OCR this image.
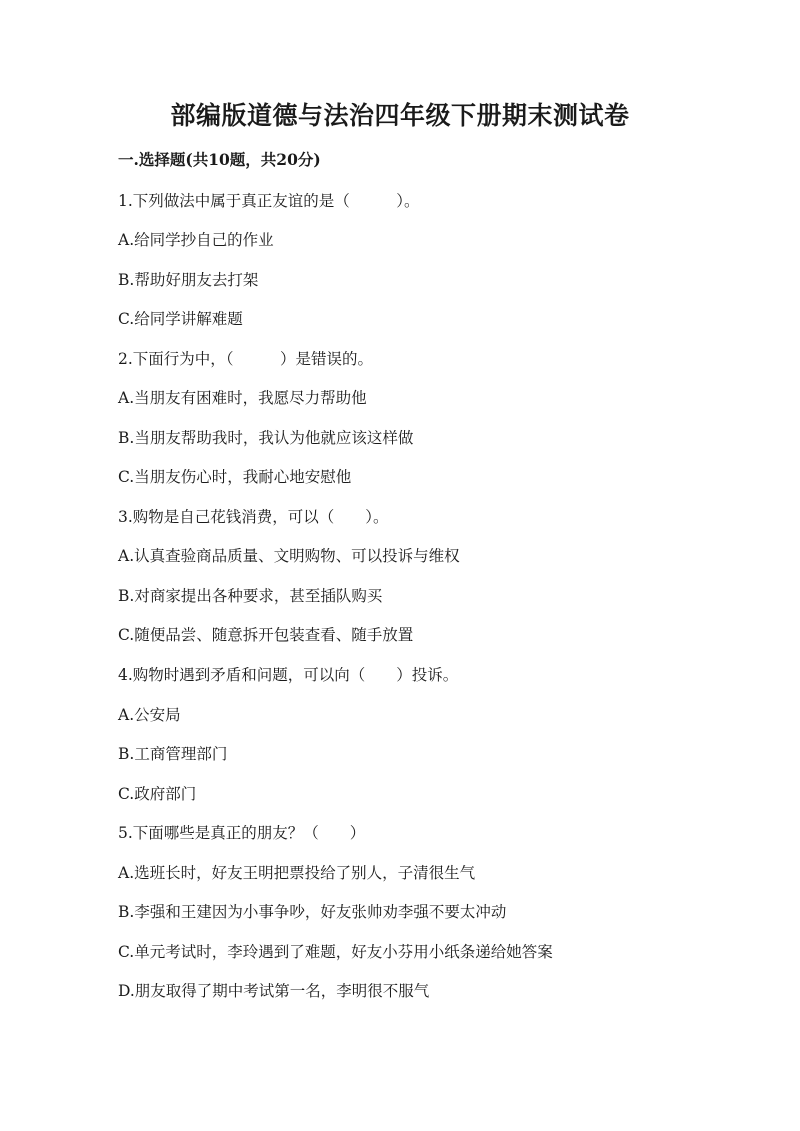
部编版道德与法治四年级下册期末测试卷
一.选择题(共10题，共20分)
1.下列做法中属于真正友谊的是（　　　）。
A.给同学抄自己的作业
B.帮助好朋友去打架
C.给同学讲解难题
2.下面行为中，（　　　）是错误的。
A.当朋友有困难时，我愿尽力帮助他
B.当朋友帮助我时，我认为他就应该这样做
C.当朋友伤心时，我耐心地安慰他
3.购物是自己花钱消费，可以（　　）。
A.认真查验商品质量、文明购物、可以投诉与维权
B.对商家提出各种要求，甚至插队购买
C.随便品尝、随意拆开包装查看、随手放置
4.购物时遇到矛盾和问题，可以向（　　）投诉。
A.公安局
B.工商管理部门
C.政府部门
5.下面哪些是真正的朋友？（　　）
A.选班长时，好友王明把票投给了别人，子清很生气
B.李强和王建因为小事争吵，好友张帅劝李强不要太冲动
C.单元考试时，李玲遇到了难题，好友小芬用小纸条递给她答案
D.朋友取得了期中考试第一名，李明很不服气
